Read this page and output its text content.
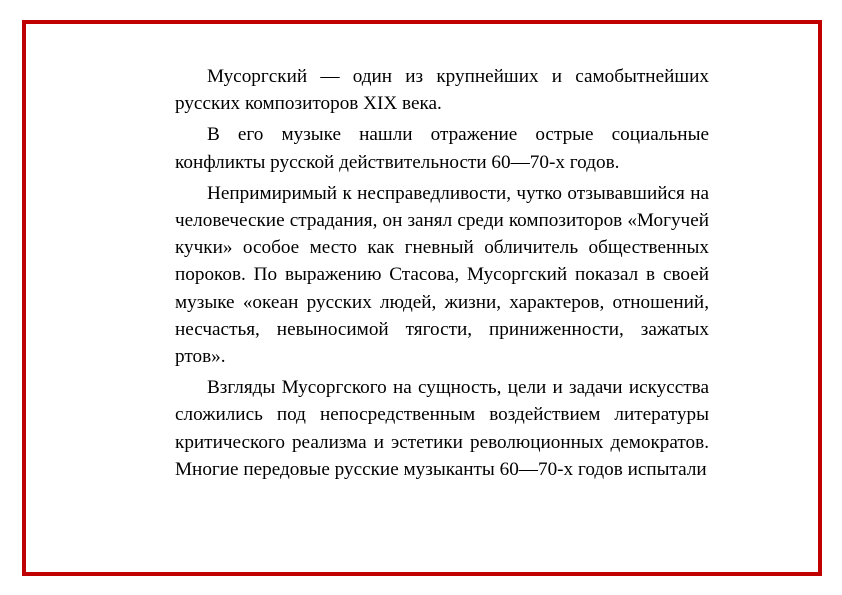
Мусоргский — один из крупнейших и самобытнейших русских композиторов XIX века.

В его музыке нашли отражение острые социальные конфликты русской действительности 60—70-х годов.

Непримиримый к несправедливости, чутко отзывавшийся на человеческие страдания, он занял среди композиторов «Могучей кучки» особое место как гневный обличитель общественных пороков. По выражению Стасова, Мусоргский показал в своей музыке «океан русских людей, жизни, характеров, отношений, несчастья, невыносимой тягости, приниженности, зажатых ртов».

Взгляды Мусоргского на сущность, цели и задачи искусства сложились под непосредственным воздействием литературы критического реализма и эстетики революционных демократов. Многие передовые русские музыканты 60—70-х годов испытали
